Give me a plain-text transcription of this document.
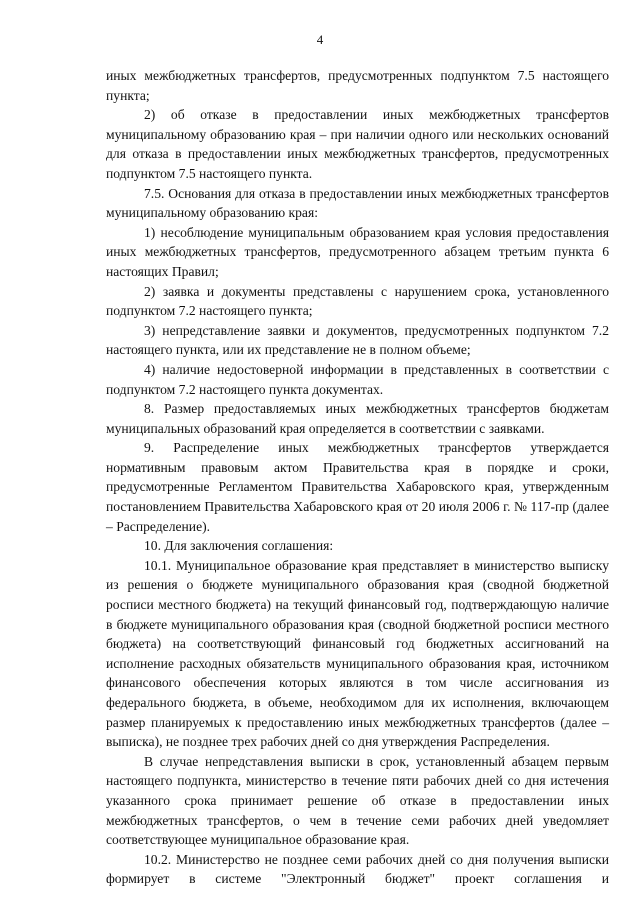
4

иных межбюджетных трансфертов, предусмотренных подпунктом 7.5 настоящего пункта;

2) об отказе в предоставлении иных межбюджетных трансфертов муниципальному образованию края – при наличии одного или нескольких оснований для отказа в предоставлении иных межбюджетных трансфертов, предусмотренных подпунктом 7.5 настоящего пункта.

7.5. Основания для отказа в предоставлении иных межбюджетных трансфертов муниципальному образованию края:

1) несоблюдение муниципальным образованием края условия предоставления иных межбюджетных трансфертов, предусмотренного абзацем третьим пункта 6 настоящих Правил;

2) заявка и документы представлены с нарушением срока, установленного подпунктом 7.2 настоящего пункта;

3) непредставление заявки и документов, предусмотренных подпунктом 7.2 настоящего пункта, или их представление не в полном объеме;

4) наличие недостоверной информации в представленных в соответствии с подпунктом 7.2 настоящего пункта документах.

8. Размер предоставляемых иных межбюджетных трансфертов бюджетам муниципальных образований края определяется в соответствии с заявками.

9. Распределение иных межбюджетных трансфертов утверждается нормативным правовым актом Правительства края в порядке и сроки, предусмотренные Регламентом Правительства Хабаровского края, утвержденным постановлением Правительства Хабаровского края от 20 июля 2006 г. № 117-пр (далее – Распределение).

10. Для заключения соглашения:

10.1. Муниципальное образование края представляет в министерство выписку из решения о бюджете муниципального образования края (сводной бюджетной росписи местного бюджета) на текущий финансовый год, подтверждающую наличие в бюджете муниципального образования края (сводной бюджетной росписи местного бюджета) на соответствующий финансовый год бюджетных ассигнований на исполнение расходных обязательств муниципального образования края, источником финансового обеспечения которых являются в том числе ассигнования из федерального бюджета, в объеме, необходимом для их исполнения, включающем размер планируемых к предоставлению иных межбюджетных трансфертов (далее – выписка), не позднее трех рабочих дней со дня утверждения Распределения.

В случае непредставления выписки в срок, установленный абзацем первым настоящего подпункта, министерство в течение пяти рабочих дней со дня истечения указанного срока принимает решение об отказе в предоставлении иных межбюджетных трансфертов, о чем в течение семи рабочих дней уведомляет соответствующее муниципальное образование края.

10.2. Министерство не позднее семи рабочих дней со дня получения выписки формирует в системе "Электронный бюджет" проект соглашения и
